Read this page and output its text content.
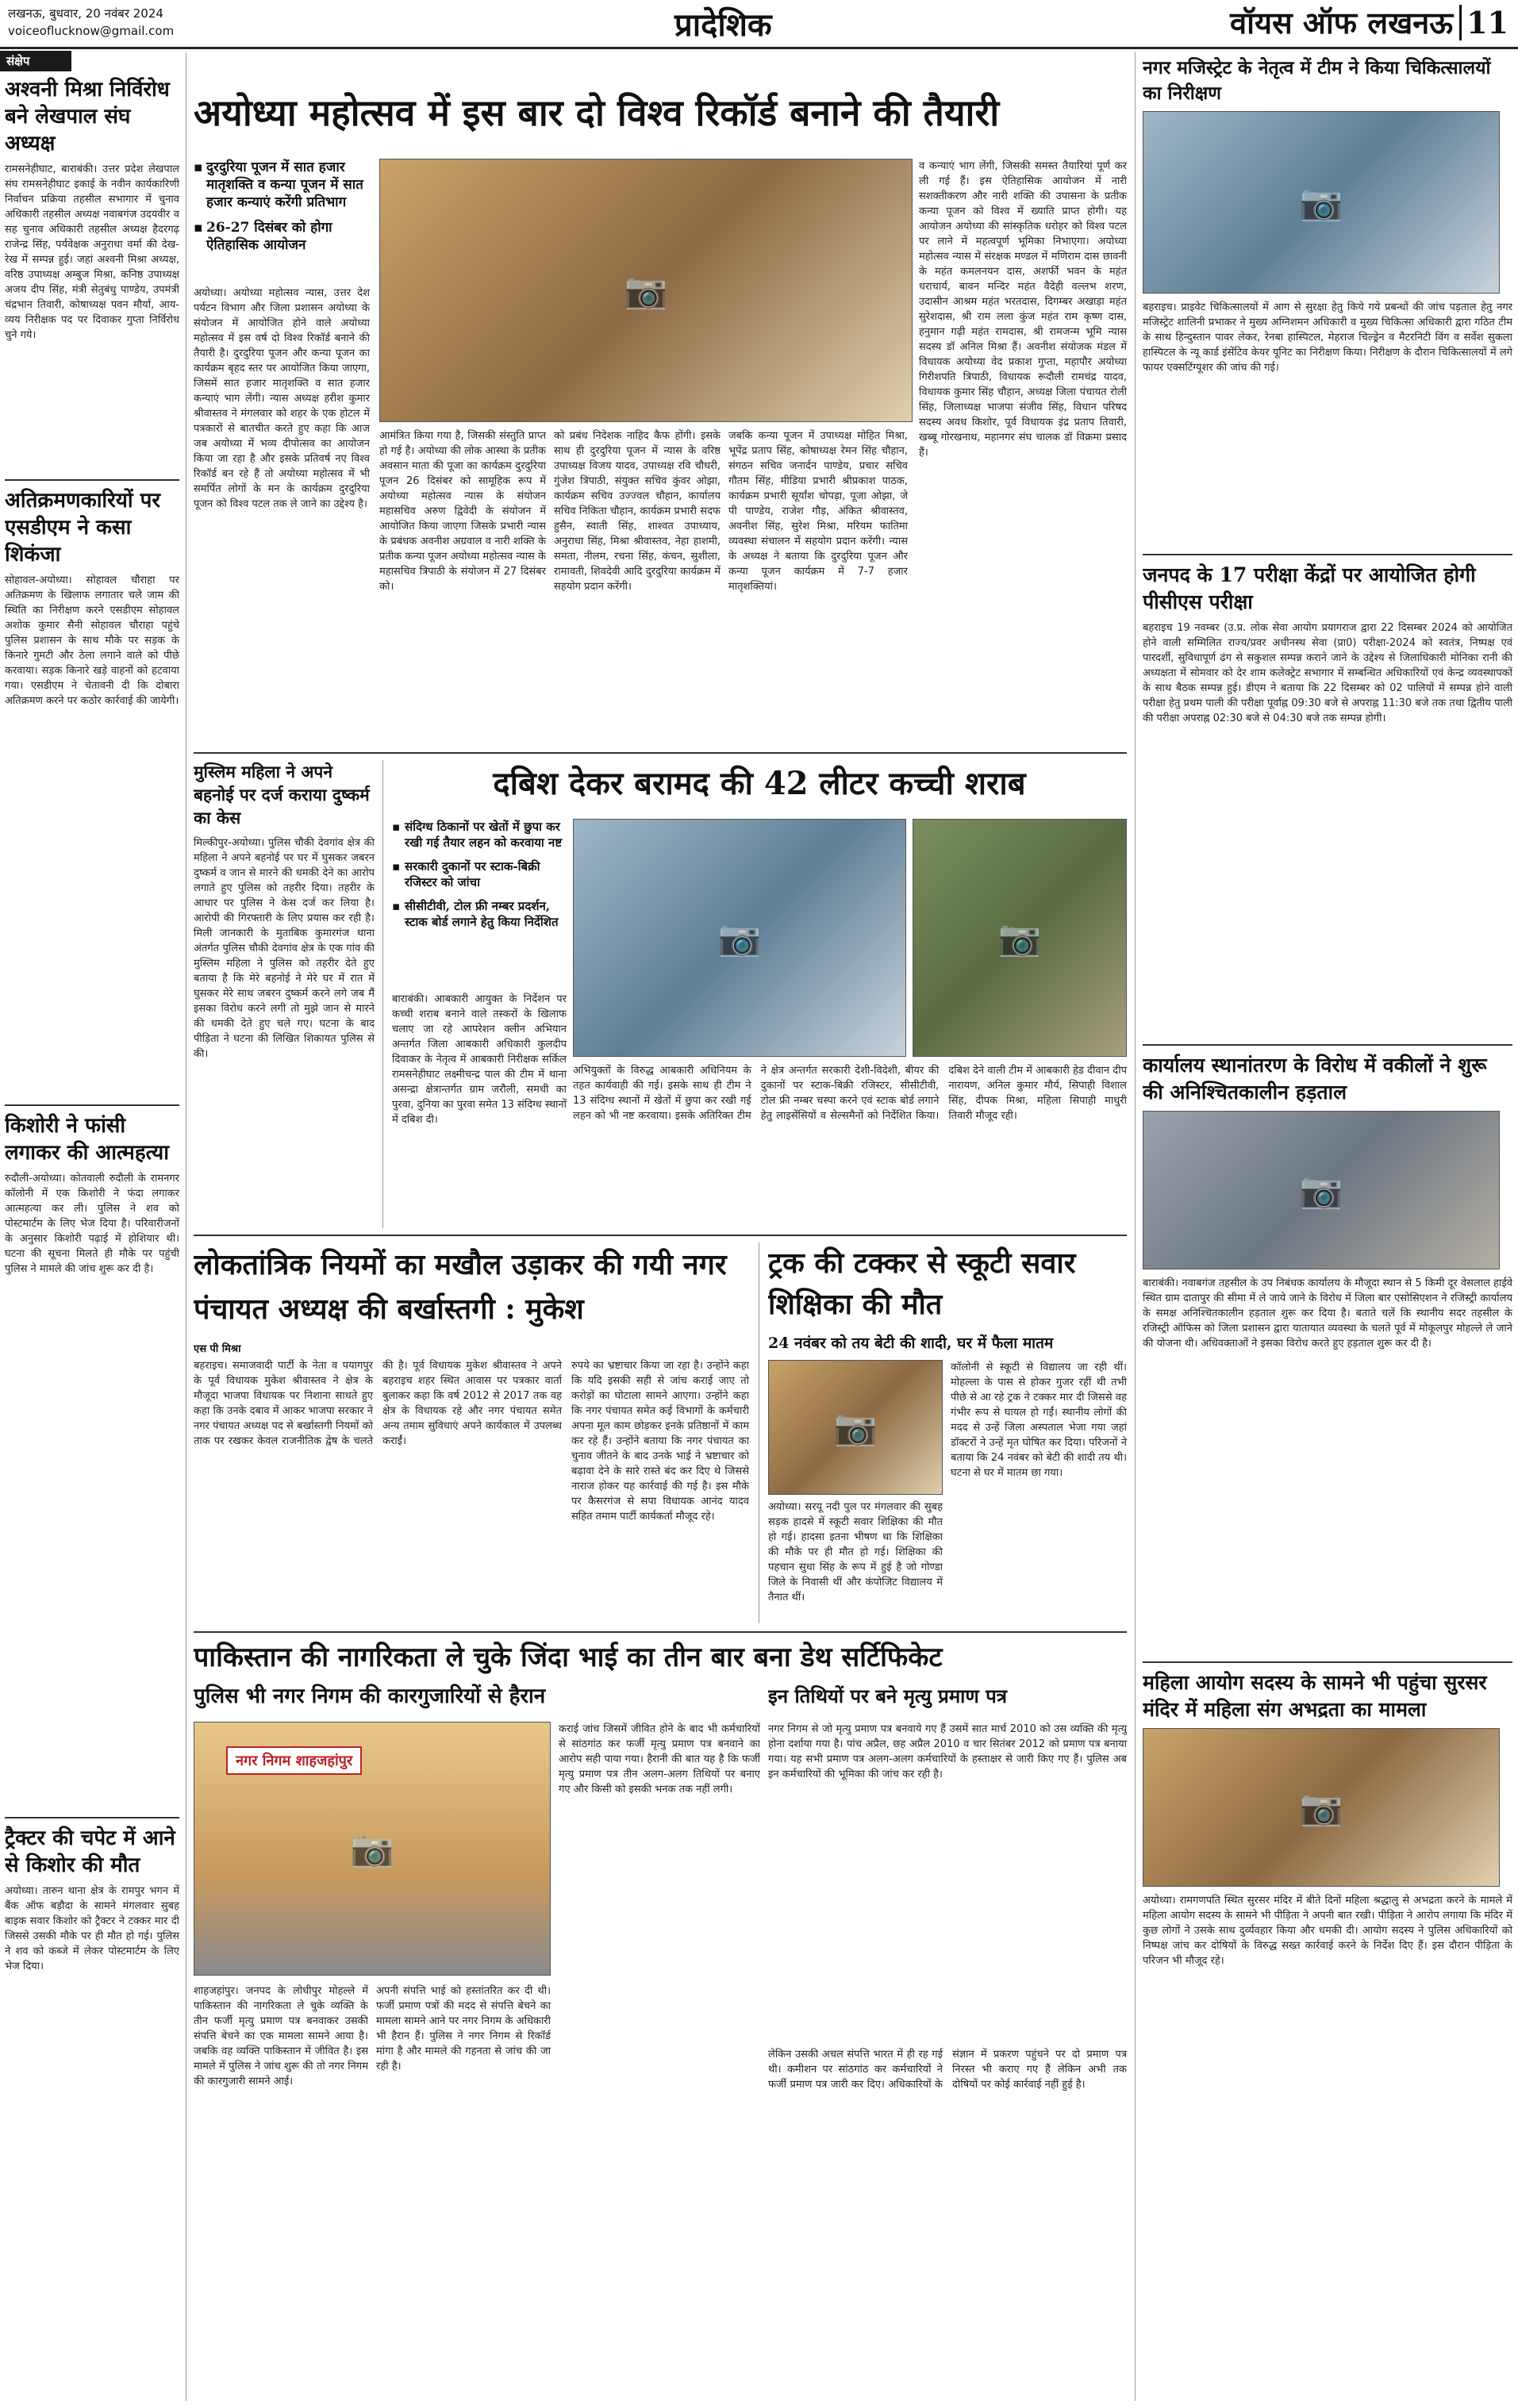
लखनऊ, बुधवार, 20 नवंबर 2024
voiceoflucknow@gmail.com	प्रादेशिक	वॉयस ऑफ लखनऊ 11
संक्षेप
अश्वनी मिश्रा निर्विरोध बने लेखपाल संघ अध्यक्ष
रामसनेहीघाट, बाराबंकी। उत्तर प्रदेश लेखपाल संघ रामसनेहीघाट इकाई के नवीन कार्यकारिणी निर्वाचन प्रक्रिया तहसील सभागार में चुनाव अधिकारी तहसील अध्यक्ष नवाबगंज उदयवीर व सह चुनाव अधिकारी तहसील अध्यक्ष हैदरगढ़ राजेन्द्र सिंह, पर्यवेक्षक अनुराधा वर्मा की देख-रेख में सम्पन्न हुई। जहां अश्वनी मिश्रा अध्यक्ष, वरिष्ठ उपाध्यक्ष अम्बुज मिश्रा, कनिष्ठ उपाध्यक्ष अजय दीप सिंह, मंत्री सेतुबंधु पाण्डेय, उपमंत्री चंद्रभान तिवारी, कोषाध्यक्ष पवन मौर्या, आय-व्यय निरीक्षक पद पर दिवाकर गुप्ता निर्विरोध चुने गये।
अतिक्रमणकारियों पर एसडीएम ने कसा शिकंजा
सोहावल-अयोध्या। सोहावल चौराहा पर अतिक्रमण के खिलाफ लगातार चलेे जाम की स्थिति का निरीक्षण करने एसडीएम सोहावल अशोक कुमार सैनी सोहावल चौराहा पहुंचे पुलिस प्रशासन के साथ मौके पर सड़क के किनारे गुमटी और ठेला लगाने वाले को पीछे करवाया। सड़क किनारे खड़े वाहनों को हटवाया गया। एसडीएम ने चेतावनी दी कि दोबारा अतिक्रमण करने पर कठोर कार्रवाई की जायेगी।
किशोरी ने फांसी लगाकर की आत्महत्या
रुदौली-अयोध्या। कोतवाली रुदौली के रामनगर कॉलोनी में एक किशोरी ने फंदा लगाकर आत्महत्या कर ली। पुलिस ने शव को पोस्टमार्टम के लिए भेज दिया है। परिवारीजनों के अनुसार किशोरी पढ़ाई में होशियार थी। घटना की सूचना मिलते ही मौके पर पहुंची पुलिस ने मामले की जांच शुरू कर दी है।
ट्रैक्टर की चपेट में आने से किशोर की मौत
अयोध्या। तारुन थाना क्षेत्र के रामपुर भगन में बैंक ऑफ बड़ौदा के सामने मंगलवार सुबह बाइक सवार किशोर को ट्रैक्टर ने टक्कर मार दी जिससे उसकी मौके पर ही मौत हो गई। पुलिस ने शव को कब्जे में लेकर पोस्टमार्टम के लिए भेज दिया।
अयोध्या महोत्सव में इस बार दो विश्व रिकॉर्ड बनाने की तैयारी
▪ दुरदुरिया पूजन में सात हजार मातृशक्ति व कन्या पूजन में सात हजार कन्याएं करेंगी प्रतिभाग
▪ 26-27 दिसंबर को होगा ऐतिहासिक आयोजन
📷
अयोध्या। अयोध्या महोत्सव न्यास, उत्तर देश पर्यटन विभाग और जिला प्रशासन अयोध्या के संयोजन में आयोजित होने वाले अयोध्या महोत्सव में इस वर्ष दो विश्व रिकॉर्ड बनाने की तैयारी है। दुरदुरिया पूजन और कन्या पूजन का कार्यक्रम बृहद स्तर पर आयोजित किया जाएगा, जिसमें सात हजार मातृशक्ति व सात हजार कन्याएं भाग लेंगी। न्यास अध्यक्ष हरीश कुमार श्रीवास्तव ने मंगलवार को शहर के एक होटल में पत्रकारों से बातचीत करते हुए कहा कि आज जब अयोध्या में भव्य दीपोत्सव का आयोजन किया जा रहा है और इसके प्रतिवर्ष नए विश्व रिकॉर्ड बन रहे हैं तो अयोध्या महोत्सव में भी समर्पित लोगों के मन के कार्यक्रम दुरदुरिया पूजन को विश्व पटल तक ले जाने का उद्देश्य है।
आमंत्रित किया गया है, जिसकी संस्तुति प्राप्त हो गई है। अयोध्या की लोक आस्था के प्रतीक अवसान माता की पूजा का कार्यक्रम दुरदुरिया पूजन 26 दिसंबर को सामूहिक रूप में अयोध्या महोत्सव न्यास के संयोजन महासचिव अरुण द्विवेदी के संयोजन में आयोजित किया जाएगा जिसके प्रभारी न्यास के प्रबंधक अवनीश अग्रवाल व नारी शक्ति के प्रतीक कन्या पूजन अयोध्या महोत्सव न्यास के महासचिव त्रिपाठी के संयोजन में 27 दिसंबर को।
को प्रबंध निदेशक नाहिद कैफ होंगी। इसके साथ ही दुरदुरिया पूजन में न्यास के वरिष्ठ उपाध्यक्ष विजय यादव, उपाध्यक्ष रवि चौधरी, गुंजेश त्रिपाठी, संयुक्त सचिव कुंवर ओझा, कार्यक्रम सचिव उज्ज्वल चौहान, कार्यालय सचिव निकिता चौहान, कार्यक्रम प्रभारी सदफ हुसैन, स्वाती सिंह, शाश्वत उपाध्याय, अनुराधा सिंह, मिश्रा श्रीवास्तव, नेहा हाशमी, समता, नीलम, रचना सिंह, कंचन, सुशीला, रामावती, शिवदेवी आदि दुरदुरिया कार्यक्रम में सहयोग प्रदान करेंगी।
जबकि कन्या पूजन में उपाध्यक्ष मोहित मिश्रा, भूपेंद्र प्रताप सिंह, कोषाध्यक्ष रेमन सिंह चौहान, संगठन सचिव जनार्दन पाण्डेय, प्रचार सचिव गौतम सिंह, मीडिया प्रभारी श्रीप्रकाश पाठक, कार्यक्रम प्रभारी सूर्यांश चोपड़ा, पूजा ओझा, जे पी पाण्डेय, राजेश गौड़, अंकित श्रीवास्तव, अवनीश सिंह, सुरेश मिश्रा, मरियम फातिमा व्यवस्था संचालन में सहयोग प्रदान करेंगी। न्यास के अध्यक्ष ने बताया कि दुरदुरिया पूजन और कन्या पूजन कार्यक्रम में 7-7 हजार मातृशक्तियां।
व कन्याएं भाग लेंगी, जिसकी समस्त तैयारियां पूर्ण कर ली गई हैं। इस ऐतिहासिक आयोजन में नारी सशक्तीकरण और नारी शक्ति की उपासना के प्रतीक कन्या पूजन को विश्व में ख्याति प्राप्त होगी। यह आयोजन अयोध्या की सांस्कृतिक धरोहर को विश्व पटल पर लाने में महत्वपूर्ण भूमिका निभाएगा। अयोध्या महोत्सव न्यास में संरक्षक मण्डल में मणिराम दास छावनी के महंत कमलनयन दास, अशर्फी भवन के महंत धराचार्य, बावन मन्दिर महंत वैदेही वल्लभ शरण, उदासीन आश्रम महंत भरतदास, दिगम्बर अखाड़ा महंत सुरेशदास, श्री राम लला कुंज महंत राम कृष्ण दास, हनुमान गढ़ी महंत रामदास, श्री रामजन्म भूमि न्यास सदस्य डॉ अनिल मिश्रा हैं। अवनीश संयोजक मंडल में विधायक अयोध्या वेद प्रकाश गुप्ता, महापौर अयोध्या गिरीशपति त्रिपाठी, विधायक रूदौली रामचंद्र यादव, विधायक कुमार सिंह चौहान, अध्यक्ष जिला पंचायत रोली सिंह, जिलाध्यक्ष भाजपा संजीव सिंह, विधान परिषद सदस्य अवध किशोर, पूर्व विधायक इंद्र प्रताप तिवारी, खब्बू गोरखनाथ, महानगर संघ चालक डॉ विक्रमा प्रसाद हैं।
मुस्लिम महिला ने अपने बहनोई पर दर्ज कराया दुष्कर्म का केस
मिल्कीपुर-अयोध्या। पुलिस चौकी देवगांव क्षेत्र की महिला ने अपने बहनोई पर घर में घुसकर जबरन दुष्कर्म व जान से मारने की धमकी देने का आरोप लगाते हुए पुलिस को तहरीर दिया। तहरीर के आधार पर पुलिस ने केस दर्ज कर लिया है। आरोपी की गिरफ्तारी के लिए प्रयास कर रही है। मिली जानकारी के मुताबिक कुमारगंज थाना अंतर्गत पुलिस चौकी देवगांव क्षेत्र के एक गांव की मुस्लिम महिला ने पुलिस को तहरीर देते हुए बताया है कि मेरे बहनोई ने मेरे घर में रात में घुसकर मेरे साथ जबरन दुष्कर्म करने लगे जब मैं इसका विरोध करने लगी तो मुझे जान से मारने की धमकी देते हुए चले गए। घटना के बाद पीड़िता ने घटना की लिखित शिकायत पुलिस से की।
दबिश देकर बरामद की 42 लीटर कच्ची शराब
▪ संदिग्ध ठिकानों पर खेतों में छुपा कर रखी गई तैयार लहन को करवाया नष्ट
▪ सरकारी दुकानों पर स्टाक-बिक्री रजिस्टर को जांचा
▪ सीसीटीवी, टोल फ्री नम्बर प्रदर्शन, स्टाक बोर्ड लगाने हेतु किया निर्देशित	📷	📷
बाराबंकी। आबकारी आयुक्त के निर्देशन पर कच्ची शराब बनाने वाले तस्करों के खिलाफ चलाए जा रहे आपरेशन क्लीन अभियान अन्तर्गत जिला आबकारी अधिकारी कुलदीप दिवाकर के नेतृत्व में आबकारी निरीक्षक सर्किल रामसनेहीघाट लक्ष्मीचन्द्र पाल की टीम में थाना असन्द्रा क्षेत्रान्तर्गत ग्राम जरौली, समधी का पुरवा, दुनिया का पुरवा समेत 13 संदिग्ध स्थानों में दबिश दी।
अभियुक्तों के विरुद्ध आबकारी अधिनियम के तहत कार्यवाही की गई। इसके साथ ही टीम ने 13 संदिग्ध स्थानों में खेतों में छुपा कर रखी गई लहन को भी नष्ट करवाया। इसके अतिरिक्त टीम ने क्षेत्र अन्तर्गत सरकारी देशी-विदेशी, बीयर की दुकानों पर स्टाक-बिक्री रजिस्टर, सीसीटीवी, टोल फ्री नम्बर चस्पा करने एवं स्टाक बोर्ड लगाने हेतु लाइसेंसियों व सेल्समैनों को निर्देशित किया। दबिश देने वाली टीम में आबकारी हेड दीवान दीप नारायण, अनिल कुमार मौर्य, सिपाही विशाल सिंह, दीपक मिश्रा, महिला सिपाही माधुरी तिवारी मौजूद रही।
लोकतांत्रिक नियमों का मखौल उड़ाकर की गयी नगर पंचायत अध्यक्ष की बर्खास्तगी : मुकेश
एस पी मिश्रा
बहराइच। समाजवादी पार्टी के नेता व पयागपुर के पूर्व विधायक मुकेश श्रीवास्तव ने क्षेत्र के मौजूदा भाजपा विधायक पर निशाना साधते हुए कहा कि उनके दबाव में आकर भाजपा सरकार ने नगर पंचायत अध्यक्ष पद से बर्खास्तगी नियमों को ताक पर रखकर केवल राजनीतिक द्वेष के चलते की है। पूर्व विधायक मुकेश श्रीवास्तव ने अपने बहराइच शहर स्थित आवास पर पत्रकार वार्ता बुलाकर कहा कि वर्ष 2012 से 2017 तक वह क्षेत्र के विधायक रहे और नगर पंचायत समेत अन्य तमाम सुविधाएं अपने कार्यकाल में उपलब्ध कराईं।
रुपये का भ्रष्टाचार किया जा रहा है। उन्होंने कहा कि यदि इसकी सही से जांच कराई जाए तो करोड़ों का घोटाला सामने आएगा। उन्होंने कहा कि नगर पंचायत समेत कई विभागों के कर्मचारी अपना मूल काम छोड़कर इनके प्रतिष्ठानों में काम कर रहे हैं। उन्होंने बताया कि नगर पंचायत का चुनाव जीतने के बाद उनके भाई ने भ्रष्टाचार को बढ़ावा देने के सारे रास्ते बंद कर दिए थे जिससे नाराज होकर यह कार्रवाई की गई है। इस मौके पर कैसरगंज से सपा विधायक आनंद यादव सहित तमाम पार्टी कार्यकर्ता मौजूद रहे।
ट्रक की टक्कर से स्कूटी सवार शिक्षिका की मौत
24 नवंबर को तय बेटी की शादी, घर में फैला मातम
📷
अयोध्या। सरयू नदी पुल पर मंगलवार की सुबह सड़क हादसे में स्कूटी सवार शिक्षिका की मौत हो गई। हादसा इतना भीषण था कि शिक्षिका की मौके पर ही मौत हो गई। शिक्षिका की पहचान सुधा सिंह के रूप में हुई है जो गोण्डा जिले के निवासी थीं और कंपोजिट विद्यालय में तैनात थीं।
कॉलोनी से स्कूटी से विद्यालय जा रही थीं। मोहल्ला के पास से होकर गुजर रहीं थी तभी पीछे से आ रहे ट्रक ने टक्कर मार दी जिससे वह गंभीर रूप से घायल हो गईं। स्थानीय लोगों की मदद से उन्हें जिला अस्पताल भेजा गया जहां डॉक्टरों ने उन्हें मृत घोषित कर दिया। परिजनों ने बताया कि 24 नवंबर को बेटी की शादी तय थी। घटना से घर में मातम छा गया।
पाकिस्तान की नागरिकता ले चुके जिंदा भाई का तीन बार बना डेथ सर्टिफिकेट
पुलिस भी नगर निगम की कारगुजारियों से हैरान	इन तिथियों पर बने मृत्यु प्रमाण पत्र
नगर निगम शाहजहांपुर
📷
शाहजहांपुर। जनपद के लोधीपुर मोहल्ले में पाकिस्तान की नागरिकता ले चुके व्यक्ति के तीन फर्जी मृत्यु प्रमाण पत्र बनवाकर उसकी संपत्ति बेचने का एक मामला सामने आया है। जबकि वह व्यक्ति पाकिस्तान में जीवित है। इस मामले में पुलिस ने जांच शुरू की तो नगर निगम की कारगुजारी सामने आई।
अपनी संपत्ति भाई को हस्तांतरित कर दी थी। फर्जी प्रमाण पत्रों की मदद से संपत्ति बेचने का मामला सामने आने पर नगर निगम के अधिकारी भी हैरान हैं। पुलिस ने नगर निगम से रिकॉर्ड मांगा है और मामले की गहनता से जांच की जा रही है।
कराई जांच जिसमें जीवित होने के बाद भी कर्मचारियों से सांठगांठ कर फर्जी मृत्यु प्रमाण पत्र बनवाने का आरोप सही पाया गया। हैरानी की बात यह है कि फर्जी मृत्यु प्रमाण पत्र तीन अलग-अलग तिथियों पर बनाए गए और किसी को इसकी भनक तक नहीं लगी।
नगर निगम से जो मृत्यु प्रमाण पत्र बनवाये गए हैं उसमें सात मार्च 2010 को उस व्यक्ति की मृत्यु होना दर्शाया गया है। पांच अप्रैल, छह अप्रैल 2010 व चार सितंबर 2012 को प्रमाण पत्र बनाया गया। यह सभी प्रमाण पत्र अलग-अलग कर्मचारियों के हस्ताक्षर से जारी किए गए हैं। पुलिस अब इन कर्मचारियों की भूमिका की जांच कर रही है।
लेकिन उसकी अचल संपत्ति भारत में ही रह गई थी। कमीशन पर सांठगांठ कर कर्मचारियों ने फर्जी प्रमाण पत्र जारी कर दिए। अधिकारियों के संज्ञान में प्रकरण पहुंचने पर दो प्रमाण पत्र निरस्त भी कराए गए हैं लेकिन अभी तक दोषियों पर कोई कार्रवाई नहीं हुई है।
नगर मजिस्ट्रेट के नेतृत्व में टीम ने किया चिकित्सालयों का निरीक्षण
📷
बहराइच। प्राइवेट चिकित्सालयों में आग से सुरक्षा हेतु किये गये प्रबन्धों की जांच पड़ताल हेतु नगर मजिस्ट्रेट शालिनी प्रभाकर ने मुख्य अग्निशमन अधिकारी व मुख्य चिकित्सा अधिकारी द्वारा गठित टीम के साथ हिन्दुस्तान पावर लेकर, रेनबा हास्पिटल, मेहराज चिल्ड्रेन व मैटरनिटी विंग व सर्वेश सुकला हास्पिटल के न्यू कार्ड इंसेंटिव केयर यूनिट का निरीक्षण किया। निरीक्षण के दौरान चिकित्सालयों में लगे फायर एक्सटिंग्यूशर की जांच की गई।
जनपद के 17 परीक्षा केंद्रों पर आयोजित होगी पीसीएस परीक्षा
बहराइच 19 नवम्बर (उ.प्र. लोक सेवा आयोग प्रयागराज द्वारा 22 दिसम्बर 2024 को आयोजित होने वाली सम्मिलित राज्य/प्रवर अधीनस्थ सेवा (प्रा0) परीक्षा-2024 को स्वतंत्र, निष्पक्ष एवं पारदर्शी, सुविधापूर्ण ढंग से सकुशल सम्पन्न कराने जाने के उद्देश्य से जिलाधिकारी मोनिका रानी की अध्यक्षता में सोमवार को देर शाम कलेक्ट्रेट सभागार में सम्बन्धित अधिकारियों एवं केन्द्र व्यवस्थापकों के साथ बैठक सम्पन्न हुई। डीएम ने बताया कि 22 दिसम्बर को 02 पालियों में सम्पन्न होने वाली परीक्षा हेतु प्रथम पाली की परीक्षा पूर्वाह्न 09:30 बजे से अपराह्न 11:30 बजे तक तथा द्वितीय पाली की परीक्षा अपराह्न 02:30 बजे से 04:30 बजे तक सम्पन्न होगी।
कार्यालय स्थानांतरण के विरोध में वकीलों ने शुरू की अनिश्चितकालीन हड़ताल
📷
बाराबंकी। नवाबगंज तहसील के उप निबंधक कार्यालय के मौजूदा स्थान से 5 किमी दूर वेसलाल हाईवे स्थित ग्राम दातापुर की सीमा में ले जाये जाने के विरोध में जिला बार एसोसिएशन ने रजिस्ट्री कार्यालय के समक्ष अनिश्चितकालीन हड़ताल शुरू कर दिया है। बताते चलें कि स्थानीय सदर तहसील के रजिस्ट्री ऑफिस को जिला प्रशासन द्वारा यातायात व्यवस्था के चलते पूर्व में मोकूलपुर मोहल्ले ले जाने की योजना थी। अधिवक्ताओं ने इसका विरोध करते हुए हड़ताल शुरू कर दी है।
महिला आयोग सदस्य के सामने भी पहुंचा सुरसर मंदिर में महिला संग अभद्रता का मामला
📷
अयोध्या। रामगणपति स्थित सुरसर मंदिर में बीते दिनों महिला श्रद्धालु से अभद्रता करने के मामले में महिला आयोग सदस्य के सामने भी पीड़िता ने अपनी बात रखी। पीड़िता ने आरोप लगाया कि मंदिर में कुछ लोगों ने उसके साथ दुर्व्यवहार किया और धमकी दी। आयोग सदस्य ने पुलिस अधिकारियों को निष्पक्ष जांच कर दोषियों के विरुद्ध सख्त कार्रवाई करने के निर्देश दिए हैं। इस दौरान पीड़िता के परिजन भी मौजूद रहे।
